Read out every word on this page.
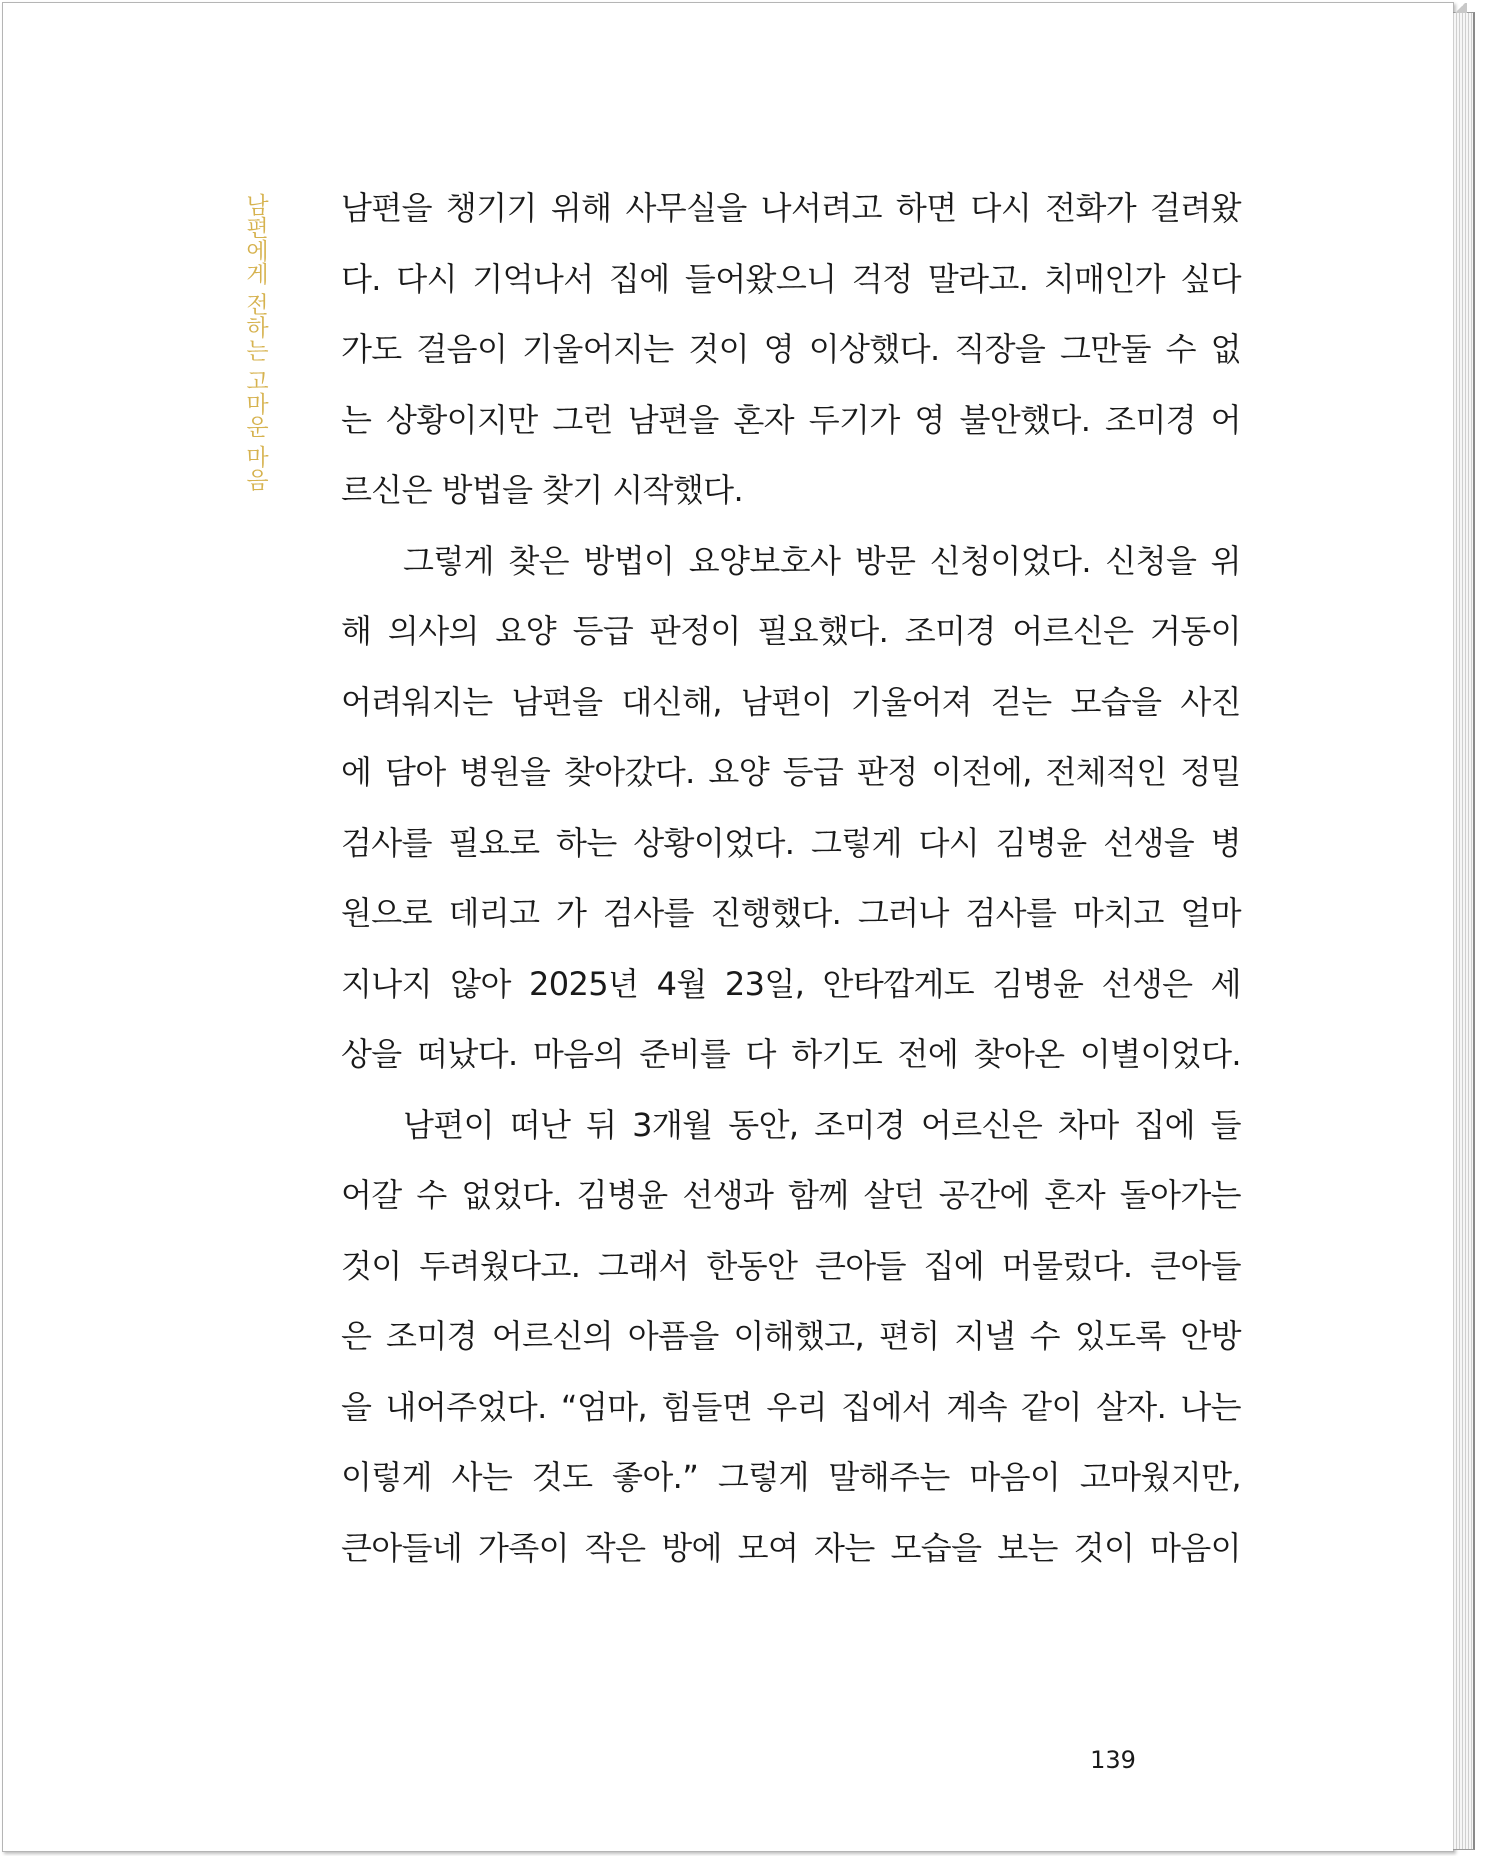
남편에게 전하는 고마운 마음 남편을 챙기기 위해 사무실을 나서려고 하면 다시 전화가 걸려왔
다. 다시 기억나서 집에 들어왔으니 걱정 말라고. 치매인가 싶다
가도 걸음이 기울어지는 것이 영 이상했다. 직장을 그만둘 수 없
는 상황이지만 그런 남편을 혼자 두기가 영 불안했다. 조미경 어
르신은 방법을 찾기 시작했다.
그렇게 찾은 방법이 요양보호사 방문 신청이었다. 신청을 위
해 의사의 요양 등급 판정이 필요했다. 조미경 어르신은 거동이
어려워지는 남편을 대신해, 남편이 기울어져 걷는 모습을 사진
에 담아 병원을 찾아갔다. 요양 등급 판정 이전에, 전체적인 정밀
검사를 필요로 하는 상황이었다. 그렇게 다시 김병윤 선생을 병
원으로 데리고 가 검사를 진행했다. 그러나 검사를 마치고 얼마
지나지 않아 2025년 4월 23일, 안타깝게도 김병윤 선생은 세
상을 떠났다. 마음의 준비를 다 하기도 전에 찾아온 이별이었다.
남편이 떠난 뒤 3개월 동안, 조미경 어르신은 차마 집에 들
어갈 수 없었다. 김병윤 선생과 함께 살던 공간에 혼자 돌아가는
것이 두려웠다고. 그래서 한동안 큰아들 집에 머물렀다. 큰아들
은 조미경 어르신의 아픔을 이해했고, 편히 지낼 수 있도록 안방
을 내어주었다. “엄마, 힘들면 우리 집에서 계속 같이 살자. 나는
이렇게 사는 것도 좋아.” 그렇게 말해주는 마음이 고마웠지만,
큰아들네 가족이 작은 방에 모여 자는 모습을 보는 것이 마음이
139
